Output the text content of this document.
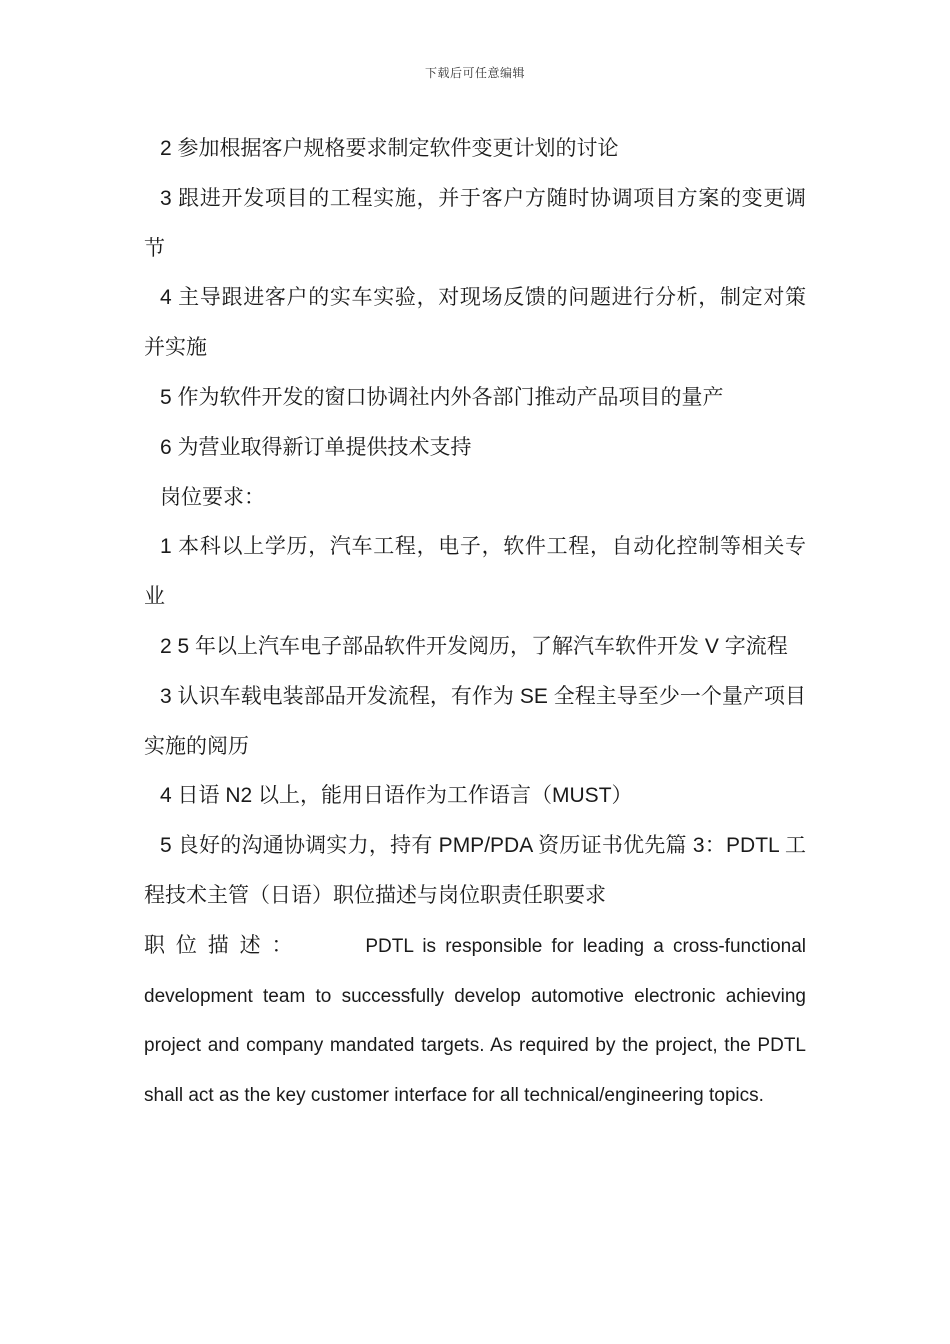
下载后可任意编辑

2 参加根据客户规格要求制定软件变更计划的讨论

3 跟进开发项目的工程实施，并于客户方随时协调项目方案的变更调节

4 主导跟进客户的实车实验，对现场反馈的问题进行分析，制定对策并实施

5 作为软件开发的窗口协调社内外各部门推动产品项目的量产

6 为营业取得新订单提供技术支持

岗位要求：

1 本科以上学历，汽车工程，电子，软件工程，自动化控制等相关专业

2 5 年以上汽车电子部品软件开发阅历，了解汽车软件开发 V 字流程

3 认识车载电装部品开发流程，有作为 SE 全程主导至少一个量产项目实施的阅历

4 日语 N2 以上，能用日语作为工作语言（MUST）

5 良好的沟通协调实力，持有 PMP/PDA 资历证书优先篇 3：PDTL 工程技术主管（日语）职位描述与岗位职责任职要求

职位描述：	PDTL is responsible for leading a cross-functional development team to successfully develop automotive electronic achieving project and company mandated targets. As required by the project, the PDTL shall act as the key customer interface for all technical/engineering topics.
